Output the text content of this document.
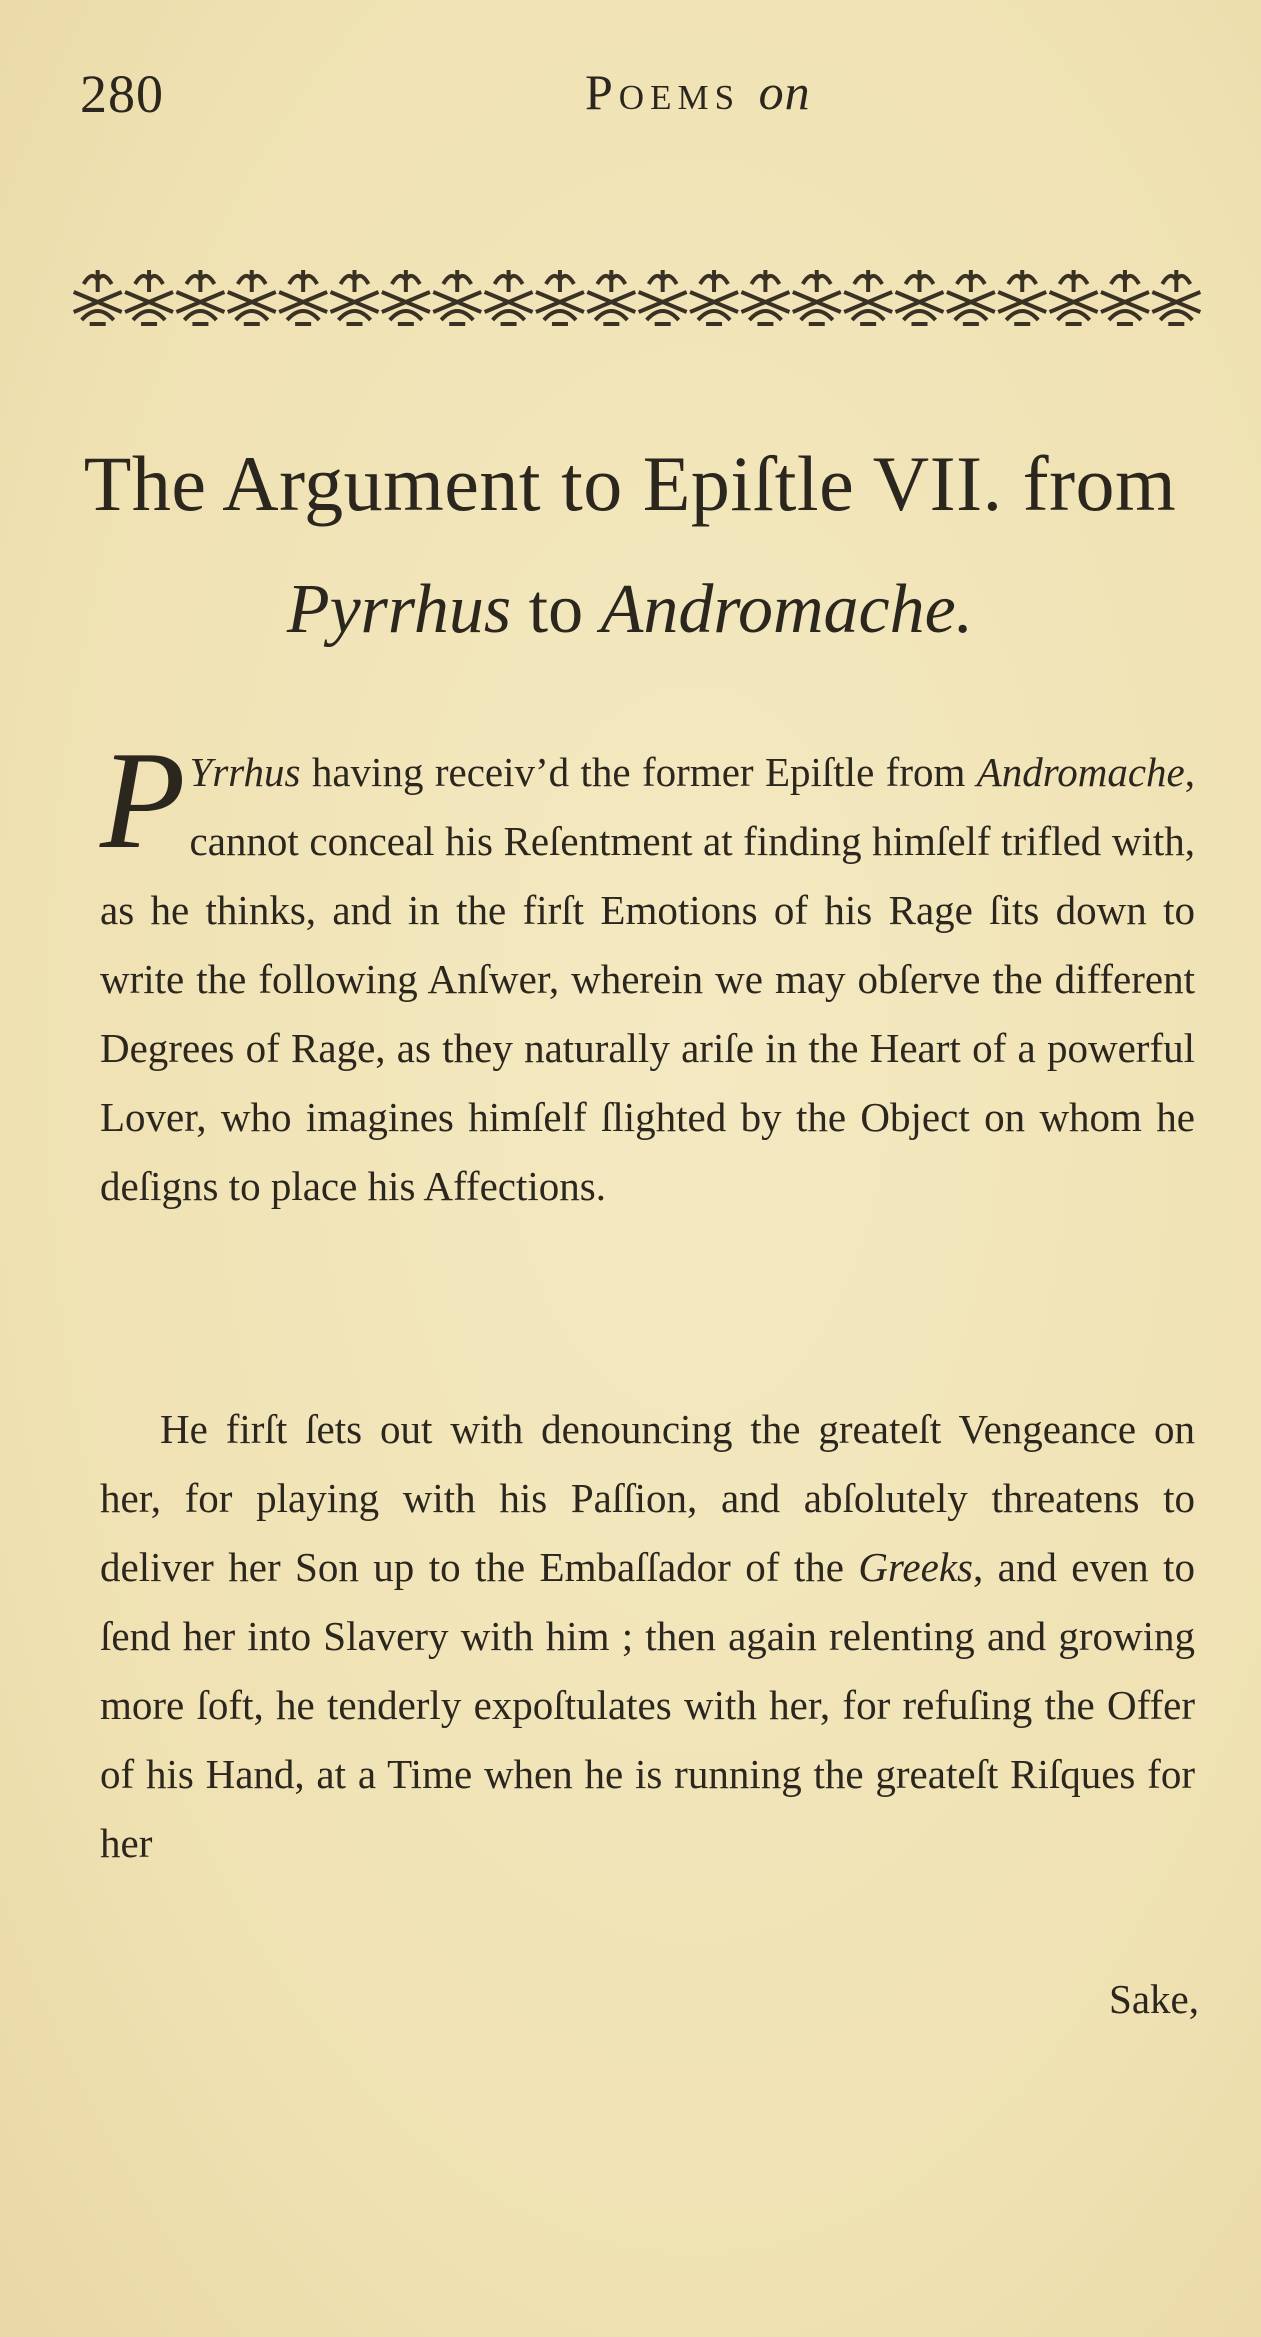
280	Poems on
The Argument to Epiſtle VII. from
Pyrrhus to Andromache.
P Yrrhus having receiv’d the former Epiſtle from Andromache, cannot conceal his Reſentment at finding himſelf trifled with, as he thinks, and in the firſt Emotions of his Rage ſits down to write the following Anſwer, wherein we may obſerve the different Degrees of Rage, as they naturally ariſe in the Heart of a powerful Lover, who imagines himſelf ſlighted by the Object on whom he deſigns to place his Affections.
He firſt ſets out with denouncing the greateſt Vengeance on her, for playing with his Paſſion, and abſolutely threatens to deliver her Son up to the Embaſſador of the Greeks, and even to ſend her into Slavery with him ; then again relenting and growing more ſoft, he tenderly expoſtulates with her, for refuſing the Offer of his Hand, at a Time when he is running the greateſt Riſques for her
Sake,
